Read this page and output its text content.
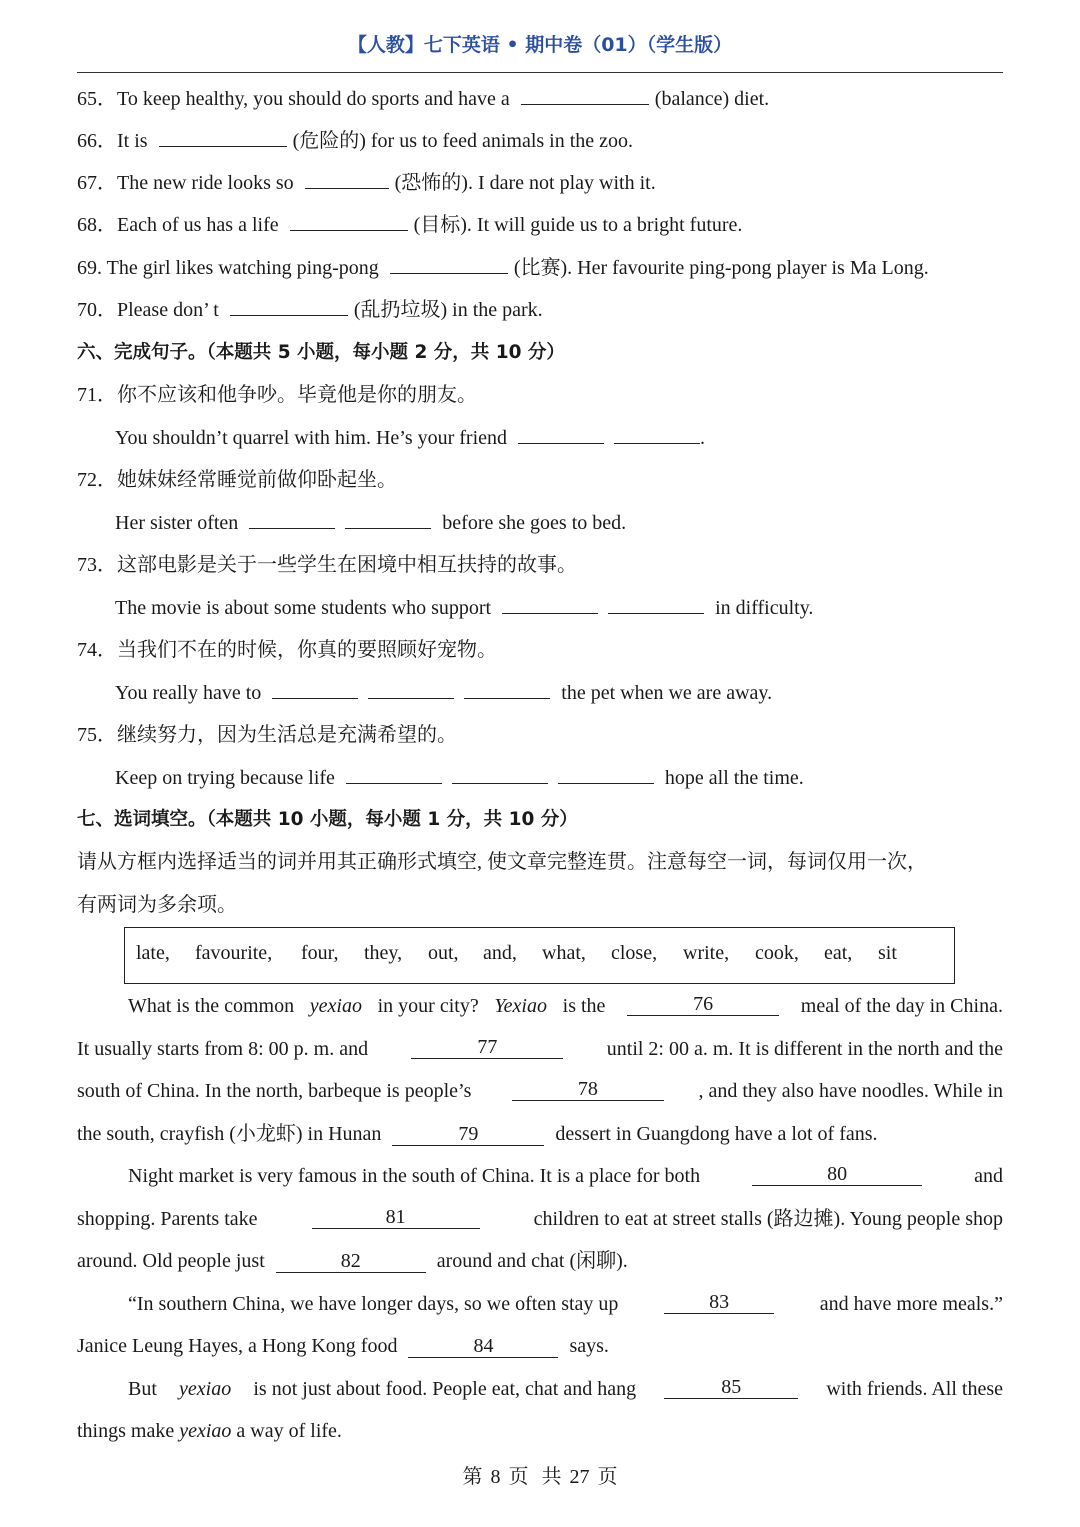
【人教】七下英语 • 期中卷（01）（学生版）
65．To keep healthy, you should do sports and have a	(balance) diet.
66．It is	(危险的) for us to feed animals in the zoo.
67．The new ride looks so	(恐怖的). I dare not play with it.
68．Each of us has a life	(目标). It will guide us to a bright future.
69. The girl likes watching ping-pong	(比赛). Her favourite ping-pong player is Ma Long.
70．Please don’ t	(乱扔垃圾) in the park.
六、完成句子。（本题共 5 小题，每小题 2 分，共 10 分）
71．你不应该和他争吵。毕竟他是你的朋友。
You shouldn’t quarrel with him. He’s your friend	.
72．她妹妹经常睡觉前做仰卧起坐。
Her sister often	before she goes to bed.
73．这部电影是关于一些学生在困境中相互扶持的故事。
The movie is about some students who support	in difficulty.
74．当我们不在的时候，你真的要照顾好宠物。
You really have to	the pet when we are away.
75．继续努力，因为生活总是充满希望的。
Keep on trying because life	hope all the time.
七、选词填空。（本题共 10 小题，每小题 1 分，共 10 分）
请从方框内选择适当的词并用其正确形式填空, 使文章完整连贯。注意每空一词，每词仅用一次，
有两词为多余项。
late, favourite, four, they, out, and, what, close, write, cook, eat, sit
What is the common yexiao in your city? Yexiao is the	76	meal of the day in China.
It usually starts from 8: 00 p. m. and	77	until 2: 00 a. m. It is different in the north and the
south of China. In the north, barbeque is people’s	78	, and they also have noodles. While in
the south, crayfish (小龙虾) in Hunan	79	dessert in Guangdong have a lot of fans.
Night market is very famous in the south of China. It is a place for both	80	and
shopping. Parents take	81	children to eat at street stalls (路边摊). Young people shop
around. Old people just	82	around and chat (闲聊).
“In southern China, we have longer days, so we often stay up	83	and have more meals.”
Janice Leung Hayes, a Hong Kong food	84	says.
But yexiao is not just about food. People eat, chat and hang	85	with friends. All these
things make yexiao a way of life.
第 8 页 共 27 页
